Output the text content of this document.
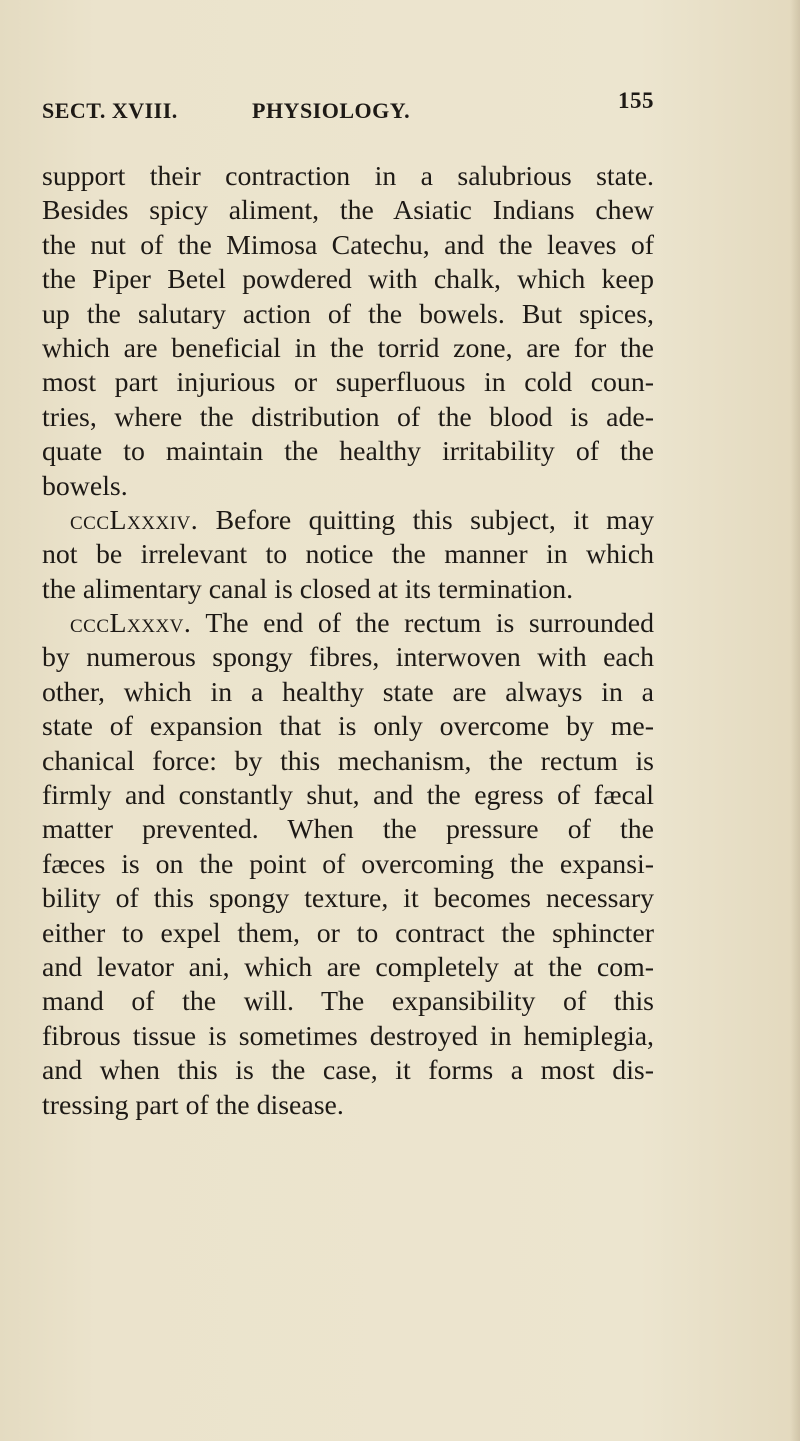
SECT. XVIII.	PHYSIOLOGY.	155
support their contraction in a salubrious state.
Besides spicy aliment, the Asiatic Indians chew
the nut of the Mimosa Catechu, and the leaves of
the Piper Betel powdered with chalk, which keep
up the salutary action of the bowels. But spices,
which are beneficial in the torrid zone, are for the
most part injurious or superfluous in cold coun-
tries, where the distribution of the blood is ade-
quate to maintain the healthy irritability of the
bowels.
cccLxxxiv. Before quitting this subject, it may
not be irrelevant to notice the manner in which
the alimentary canal is closed at its termination.
cccLxxxv. The end of the rectum is surrounded
by numerous spongy fibres, interwoven with each
other, which in a healthy state are always in a
state of expansion that is only overcome by me-
chanical force: by this mechanism, the rectum is
firmly and constantly shut, and the egress of fæcal
matter prevented. When the pressure of the
fæces is on the point of overcoming the expansi-
bility of this spongy texture, it becomes necessary
either to expel them, or to contract the sphincter
and levator ani, which are completely at the com-
mand of the will. The expansibility of this
fibrous tissue is sometimes destroyed in hemiplegia,
and when this is the case, it forms a most dis-
tressing part of the disease.
